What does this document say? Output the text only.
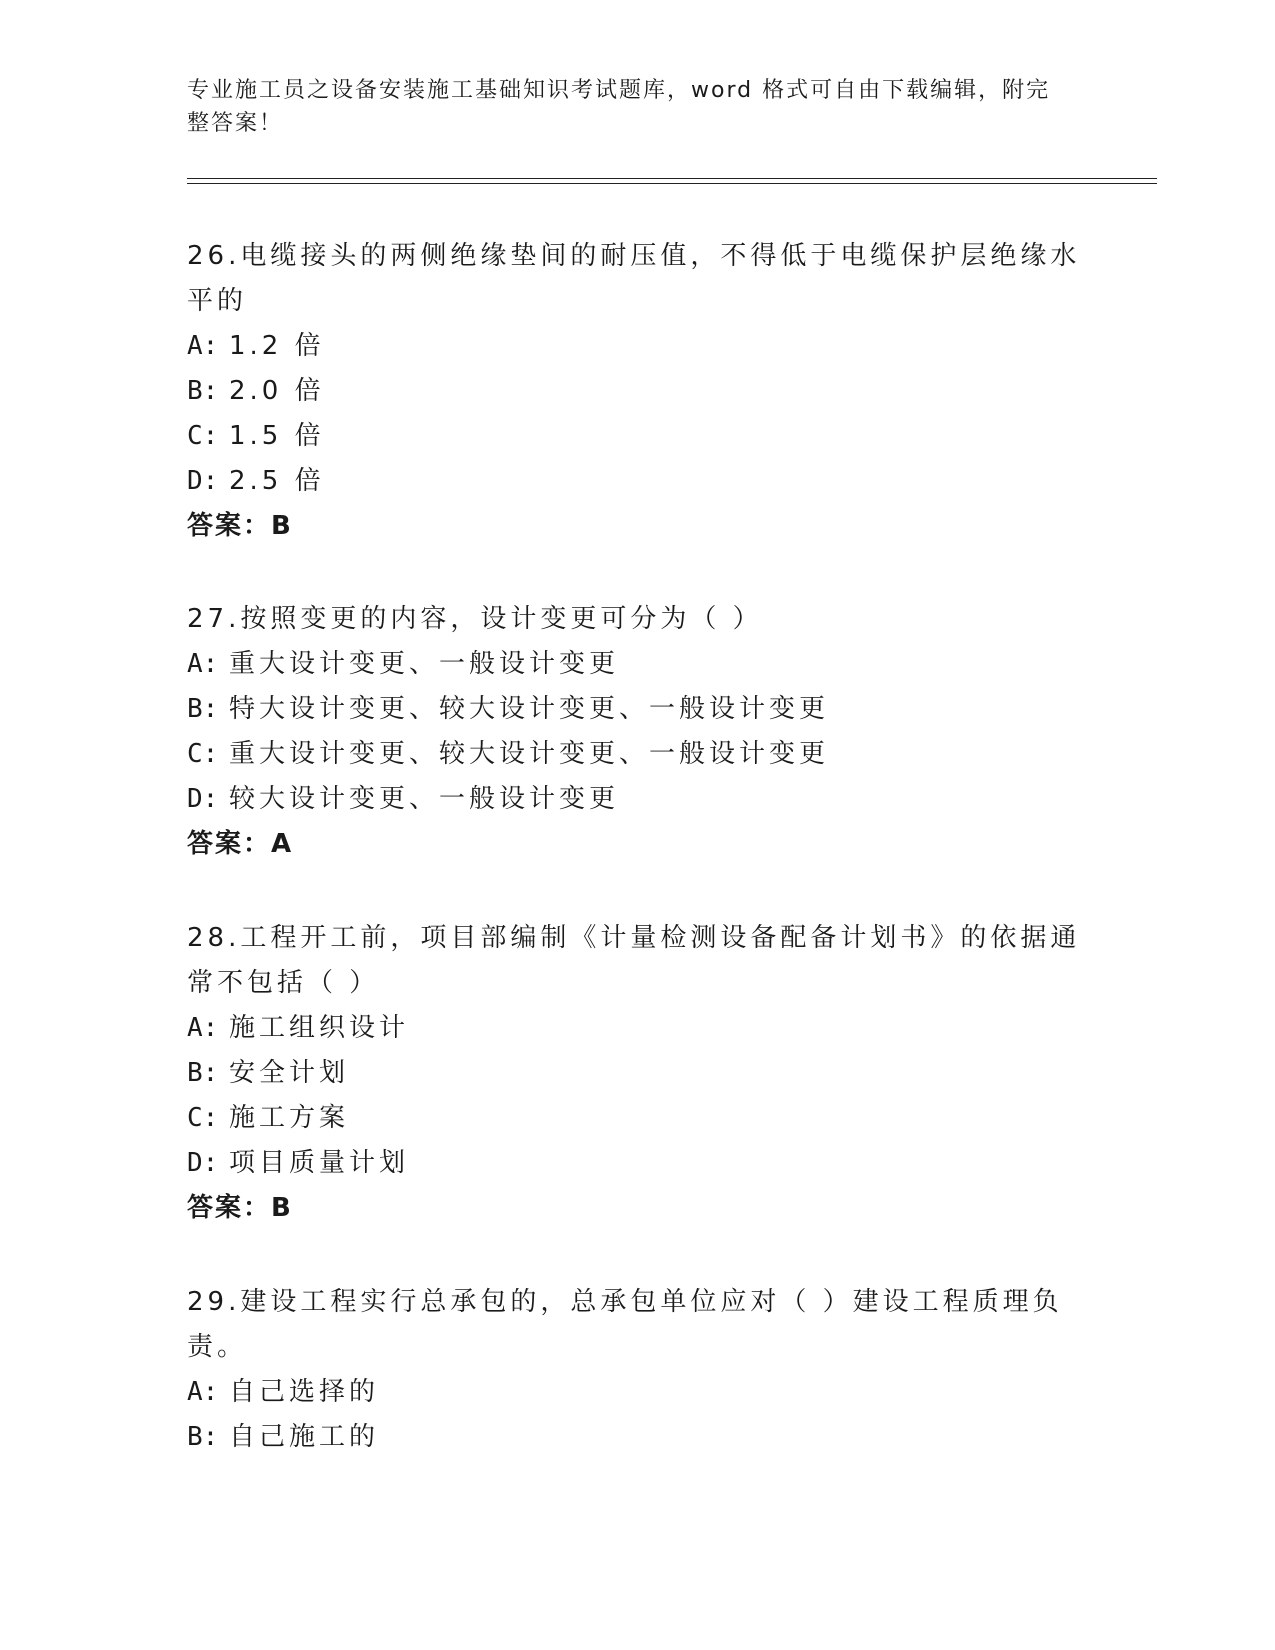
专业施工员之设备安装施工基础知识考试题库，word 格式可自由下载编辑，附完整答案！

26.电缆接头的两侧绝缘垫间的耐压值，不得低于电缆保护层绝缘水平的

A: 1.2 倍

B: 2.0 倍

C: 1.5 倍

D: 2.5 倍

答案：B

27.按照变更的内容，设计变更可分为（ ）

A: 重大设计变更、一般设计变更

B: 特大设计变更、较大设计变更、一般设计变更

C: 重大设计变更、较大设计变更、一般设计变更

D: 较大设计变更、一般设计变更

答案：A

28.工程开工前，项目部编制《计量检测设备配备计划书》的依据通常不包括（ ）

A: 施工组织设计

B: 安全计划

C: 施工方案

D: 项目质量计划

答案：B

29.建设工程实行总承包的，总承包单位应对（ ）建设工程质理负责。

A: 自己选择的

B: 自己施工的
